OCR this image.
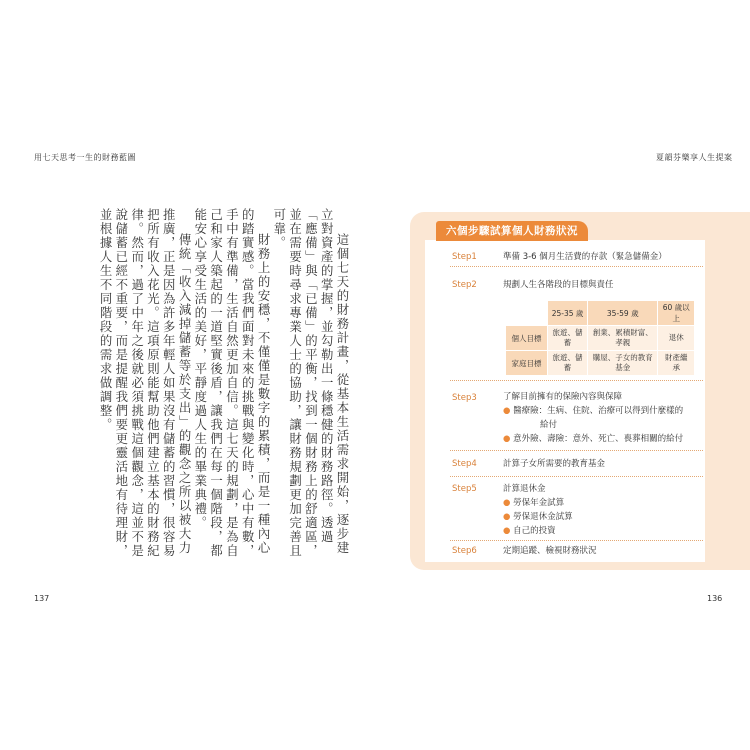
用七天思考一生的財務藍圖

這個七天的財務計畫，從基本生活需求開始，逐步建立對資產的掌握，並勾勒出一條穩健的財務路徑。透過「應備」與「已備」的平衡，找到一個財務上的舒適區，並在需要時尋求專業人士的協助，讓財務規劃更加完善且可靠。

財務上的安穩，不僅僅是數字的累積，而是一種內心的踏實感。當我們面對未來的挑戰與變化時，心中有數，手中有準備，生活自然更加自信。這七天的規劃，是為自己和家人築起的一道堅實後盾，讓我們在每一個階段，都能安心享受生活的美好，平靜度過人生的畢業典禮。

傳統「收入減掉儲蓄等於支出」的觀念之所以被大力推廣，正是因為許多年輕人如果沒有儲蓄的習慣，很容易把所有收入花光。這項原則能幫助他們建立基本的財務紀律。然而，過了中年之後就必須挑戰這個觀念，這並不是說儲蓄已經不重要，而是提醒我們要更靈活地有待理財，並根據人生不同階段的需求做調整。

137
夏韻芬樂享人生提案
六個步驟試算個人財務狀況
Step1	準備 3-6 個月生活費的存款（緊急儲備金）
Step2	規劃人生各階段的目標與責任
	25-35 歲	35-59 歲	60 歲以上
個人目標	旅遊、儲蓄	創業、累積財富、孝親	退休
家庭目標	旅遊、儲蓄	購屋、子女的教育基金	財產繼承
Step3	了解目前擁有的保險內容與保障
● 醫療險：生病、住院、治療可以得到什麼樣的
給付
● 意外險、壽險：意外、死亡、喪葬相關的給付
Step4	計算子女所需要的教育基金
Step5	計算退休金
● 勞保年金試算
● 勞保退休金試算
● 自己的投資
Step6	定期追蹤、檢視財務狀況
136
